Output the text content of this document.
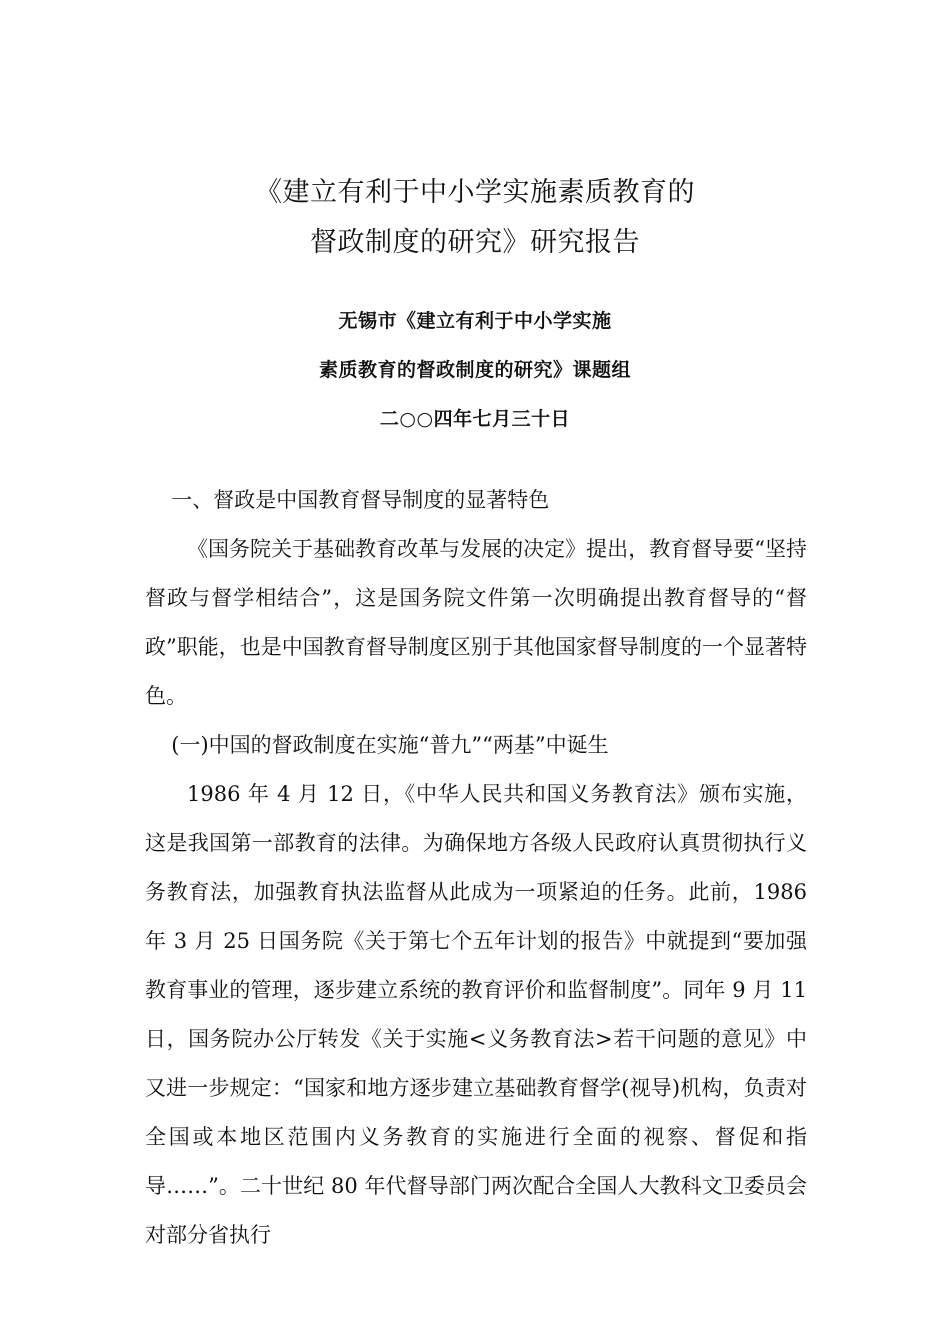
《建立有利于中小学实施素质教育的
督政制度的研究》研究报告
无锡市《建立有利于中小学实施
素质教育的督政制度的研究》课题组
二○○四年七月三十日

一、督政是中国教育督导制度的显著特色

《国务院关于基础教育改革与发展的决定》提出，教育督导要“坚持督政与督学相结合”，这是国务院文件第一次明确提出教育督导的“督政”职能，也是中国教育督导制度区别于其他国家督导制度的一个显著特色。

(一)中国的督政制度在实施“普九”“两基”中诞生

1986 年 4 月 12 日，《中华人民共和国义务教育法》颁布实施，这是我国第一部教育的法律。为确保地方各级人民政府认真贯彻执行义务教育法，加强教育执法监督从此成为一项紧迫的任务。此前，1986 年 3 月 25 日国务院《关于第七个五年计划的报告》中就提到“要加强教育事业的管理，逐步建立系统的教育评价和监督制度”。同年 9 月 11 日，国务院办公厅转发《关于实施<义务教育法>若干问题的意见》中又进一步规定：“国家和地方逐步建立基础教育督学(视导)机构，负责对全国或本地区范围内义务教育的实施进行全面的视察、督促和指导……”。二十世纪 80 年代督导部门两次配合全国人大教科文卫委员会对部分省执行
